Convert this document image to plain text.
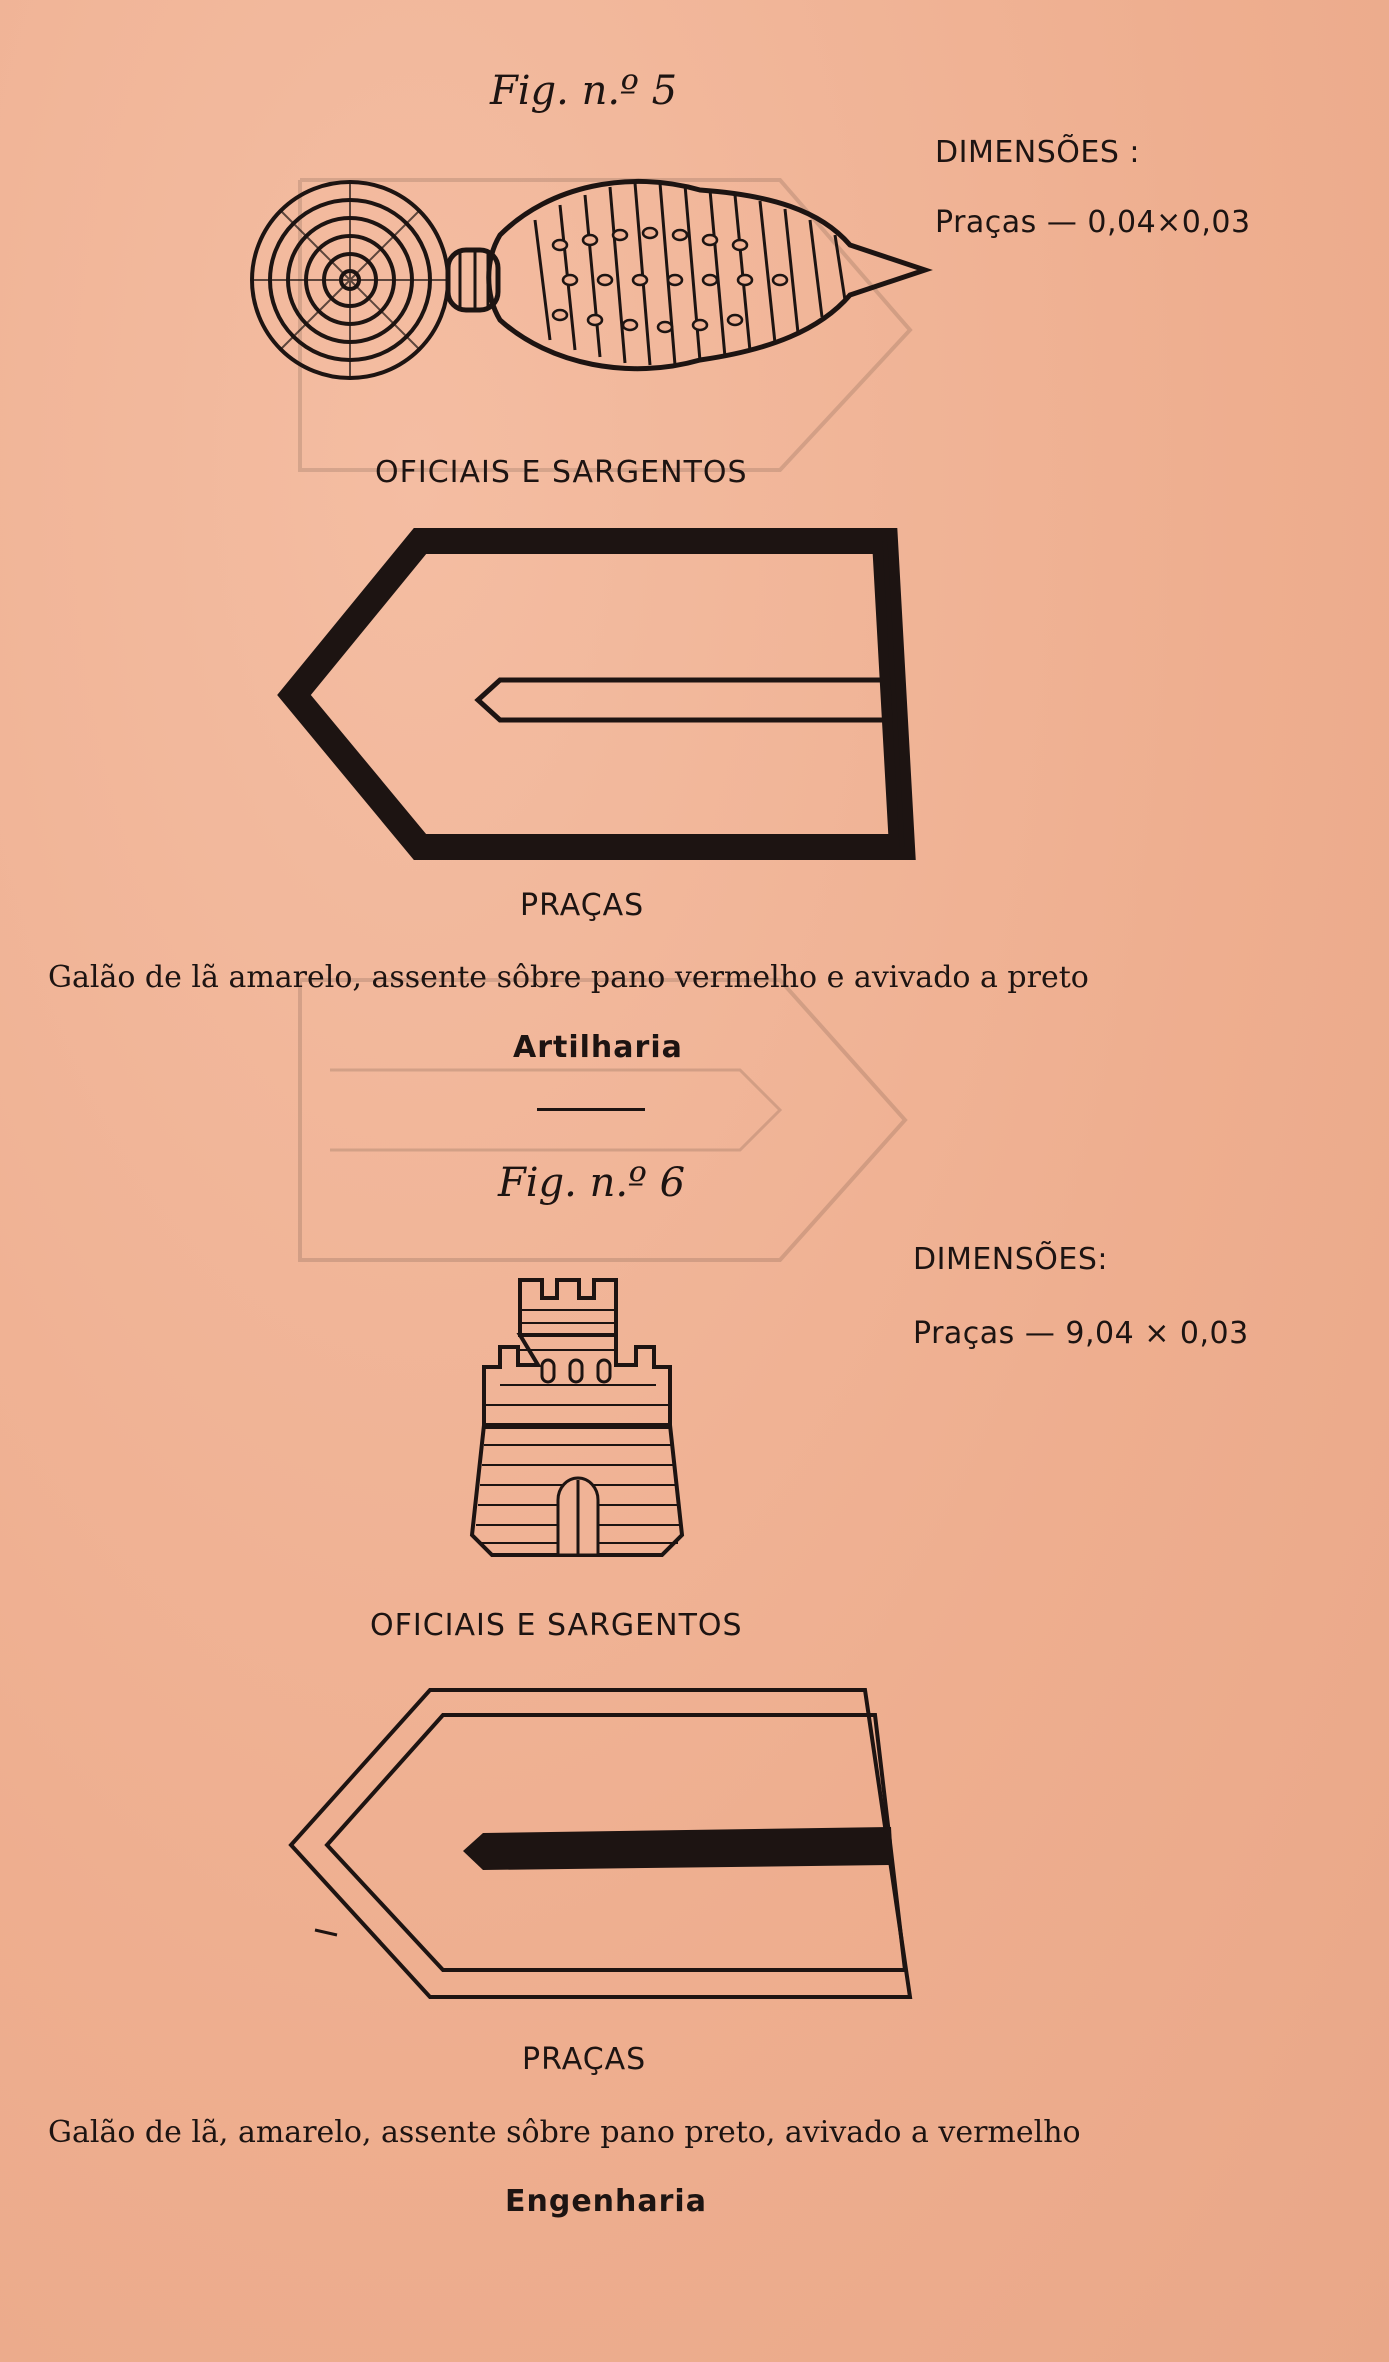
Fig. n.º 5
DIMENSÕES :
Praças — 0,04×0,03
OFICIAIS E SARGENTOS
PRAÇAS
Galão de lã amarelo, assente sôbre pano vermelho e avivado a preto
Artilharia
Fig. n.º 6
DIMENSÕES:
Praças — 9,04 × 0,03
OFICIAIS E SARGENTOS
PRAÇAS
Galão de lã, amarelo, assente sôbre pano preto, avivado a vermelho
Engenharia
